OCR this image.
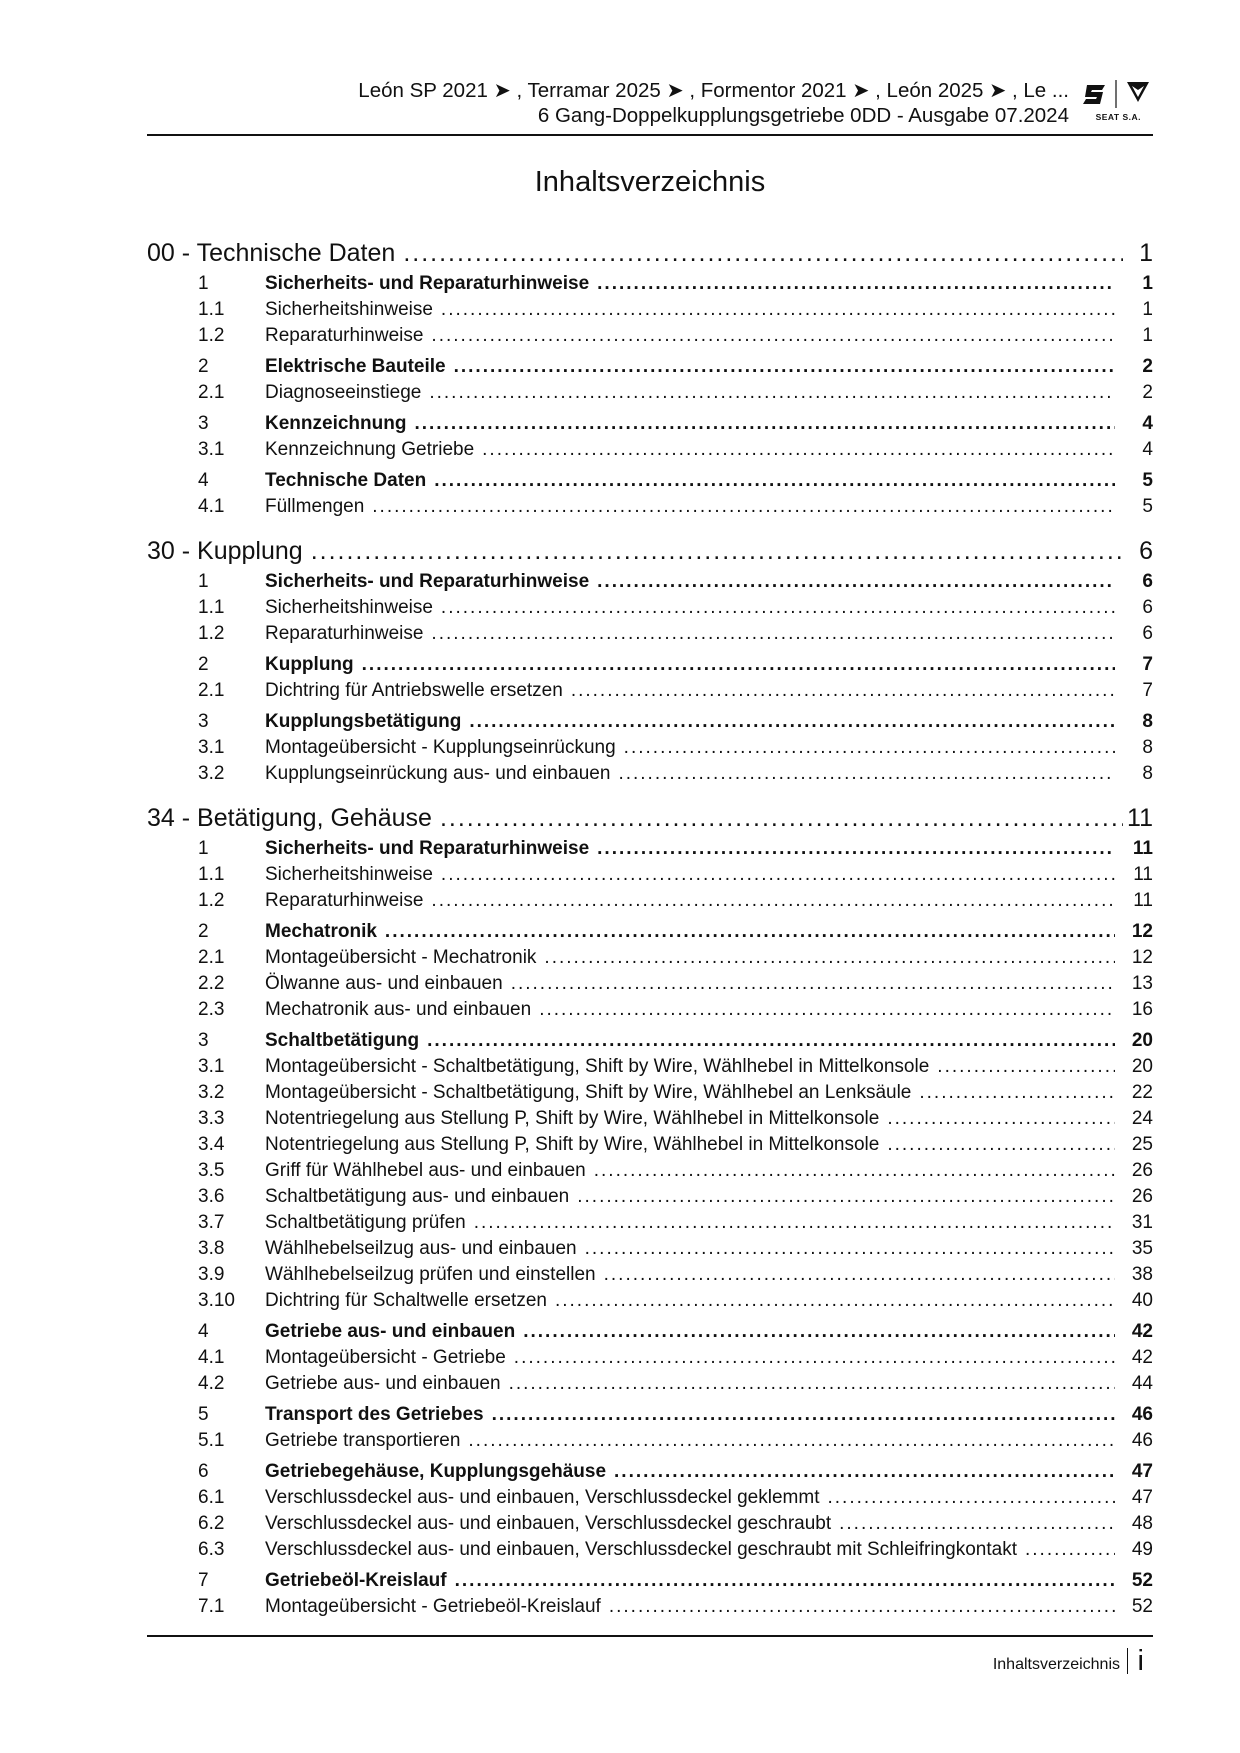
León SP 2021 ➤ , Terramar 2025 ➤ , Formentor 2021 ➤ , León 2025 ➤ , Le ...
6 Gang-Doppelkupplungsgetriebe 0DD - Ausgabe 07.2024	SEAT S.A.
Inhaltsverzeichnis
00 - Technische Daten .....	1
1	Sicherheits- und Reparaturhinweise .....	1
1.1	Sicherheitshinweise .....	1
1.2	Reparaturhinweise .....	1
2	Elektrische Bauteile .....	2
2.1	Diagnoseeinstiege .....	2
3	Kennzeichnung .....	4
3.1	Kennzeichnung Getriebe .....	4
4	Technische Daten .....	5
4.1	Füllmengen .....	5
30 - Kupplung .....	6
1	Sicherheits- und Reparaturhinweise .....	6
1.1	Sicherheitshinweise .....	6
1.2	Reparaturhinweise .....	6
2	Kupplung .....	7
2.1	Dichtring für Antriebswelle ersetzen .....	7
3	Kupplungsbetätigung .....	8
3.1	Montageübersicht - Kupplungseinrückung .....	8
3.2	Kupplungseinrückung aus- und einbauen .....	8
34 - Betätigung, Gehäuse .....	11
1	Sicherheits- und Reparaturhinweise .....	11
1.1	Sicherheitshinweise .....	11
1.2	Reparaturhinweise .....	11
2	Mechatronik .....	12
2.1	Montageübersicht - Mechatronik .....	12
2.2	Ölwanne aus- und einbauen .....	13
2.3	Mechatronik aus- und einbauen .....	16
3	Schaltbetätigung .....	20
3.1	Montageübersicht - Schaltbetätigung, Shift by Wire, Wählhebel in Mittelkonsole .....	20
3.2	Montageübersicht - Schaltbetätigung, Shift by Wire, Wählhebel an Lenksäule .....	22
3.3	Notentriegelung aus Stellung P, Shift by Wire, Wählhebel in Mittelkonsole .....	24
3.4	Notentriegelung aus Stellung P, Shift by Wire, Wählhebel in Mittelkonsole .....	25
3.5	Griff für Wählhebel aus- und einbauen .....	26
3.6	Schaltbetätigung aus- und einbauen .....	26
3.7	Schaltbetätigung prüfen .....	31
3.8	Wählhebelseilzug aus- und einbauen .....	35
3.9	Wählhebelseilzug prüfen und einstellen .....	38
3.10	Dichtring für Schaltwelle ersetzen .....	40
4	Getriebe aus- und einbauen .....	42
4.1	Montageübersicht - Getriebe .....	42
4.2	Getriebe aus- und einbauen .....	44
5	Transport des Getriebes .....	46
5.1	Getriebe transportieren .....	46
6	Getriebegehäuse, Kupplungsgehäuse .....	47
6.1	Verschlussdeckel aus- und einbauen, Verschlussdeckel geklemmt .....	47
6.2	Verschlussdeckel aus- und einbauen, Verschlussdeckel geschraubt .....	48
6.3	Verschlussdeckel aus- und einbauen, Verschlussdeckel geschraubt mit Schleifringkontakt .....	49
7	Getriebeöl-Kreislauf .....	52
7.1	Montageübersicht - Getriebeöl-Kreislauf .....	52
Inhaltsverzeichnis i
